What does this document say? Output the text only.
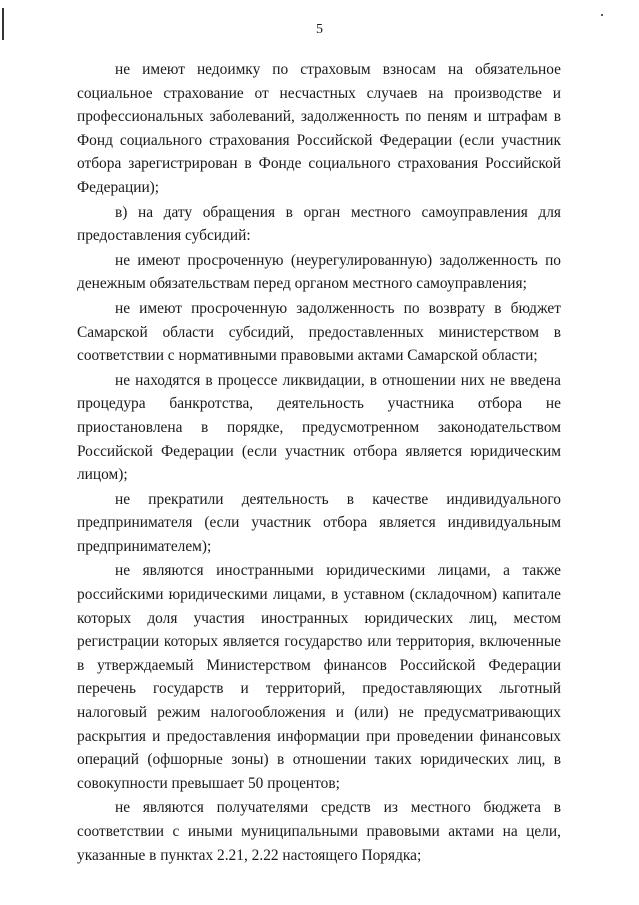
5

не имеют недоимку по страховым взносам на обязательное социальное страхование от несчастных случаев на производстве и профессиональных заболеваний, задолженность по пеням и штрафам в Фонд социального страхования Российской Федерации (если участник отбора зарегистрирован в Фонде социального страхования Российской Федерации);

в) на дату обращения в орган местного самоуправления для предоставления субсидий:

не имеют просроченную (неурегулированную) задолженность по денежным обязательствам перед органом местного самоуправления;

не имеют просроченную задолженность по возврату в бюджет Самарской области субсидий, предоставленных министерством в соответствии с нормативными правовыми актами Самарской области;

не находятся в процессе ликвидации, в отношении них не введена процедура банкротства, деятельность участника отбора не приостановлена в порядке, предусмотренном законодательством Российской Федерации (если участник отбора является юридическим лицом);

не прекратили деятельность в качестве индивидуального предпринимателя (если участник отбора является индивидуальным предпринимателем);

не являются иностранными юридическими лицами, а также российскими юридическими лицами, в уставном (складочном) капитале которых доля участия иностранных юридических лиц, местом регистрации которых является государство или территория, включенные в утверждаемый Министерством финансов Российской Федерации перечень государств и территорий, предоставляющих льготный налоговый режим налогообложения и (или) не предусматривающих раскрытия и предоставления информации при проведении финансовых операций (офшорные зоны) в отношении таких юридических лиц, в совокупности превышает 50 процентов;

не являются получателями средств из местного бюджета в соответствии с иными муниципальными правовыми актами на цели, указанные в пунктах 2.21, 2.22 настоящего Порядка;
